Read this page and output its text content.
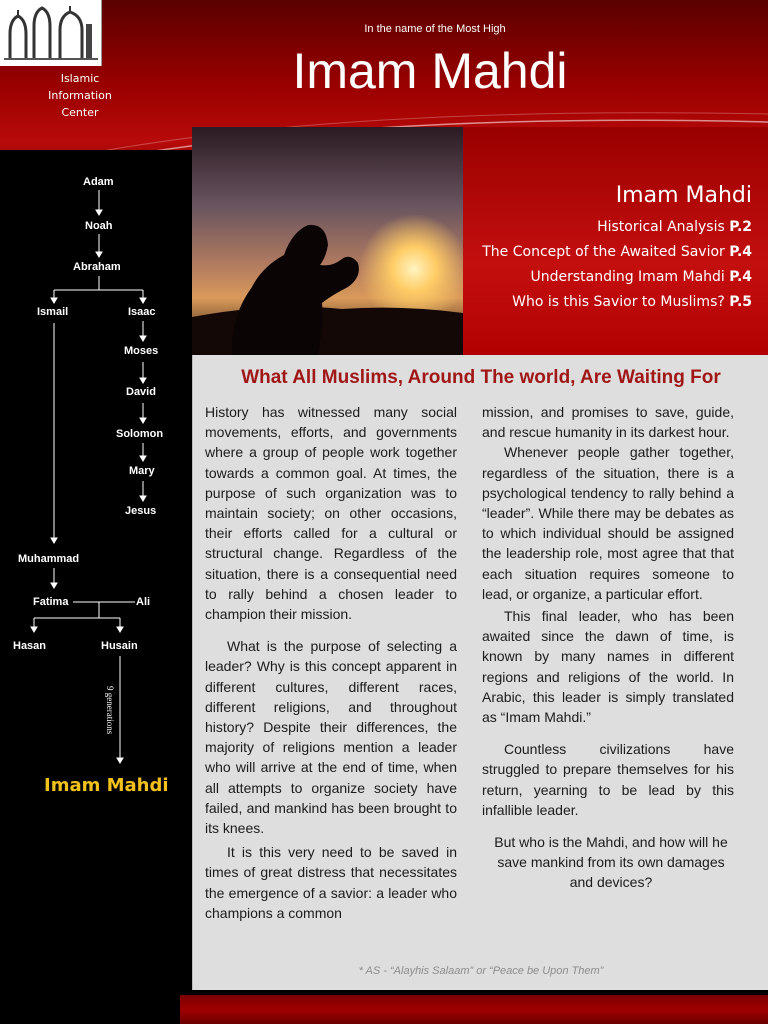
Islamic
Information
Center
In the name of the Most High
Imam Mahdi
Adam
Noah
Abraham
Ismail	Isaac
Moses
David
Solomon
Mary
Jesus
Muhammad
Fatima	Ali
Hasan	Husain
9 generations
Imam Mahdi
Imam Mahdi
Historical Analysis P.2
The Concept of the Awaited Savior P.4
Understanding Imam Mahdi P.4
Who is this Savior to Muslims? P.5
What All Muslims, Around The world, Are Waiting For

History has witnessed many social movements, efforts, and governments where a group of people work together towards a common goal. At times, the purpose of such organization was to maintain society; on other occasions, their efforts called for a cultural or structural change. Regardless of the situation, there is a consequential need to rally behind a chosen leader to champion their mission.

What is the purpose of selecting a leader? Why is this concept apparent in different cultures, different races, different religions, and throughout history? Despite their differences, the majority of religions mention a leader who will arrive at the end of time, when all attempts to organize society have failed, and mankind has been brought to its knees.

It is this very need to be saved in times of great distress that necessitates the emergence of a savior: a leader who champions a common

mission, and promises to save, guide, and rescue humanity in its darkest hour.

Whenever people gather together, regardless of the situation, there is a psychological tendency to rally behind a “leader”. While there may be debates as to which individual should be assigned the leadership role, most agree that that each situation requires someone to lead, or organize, a particular effort.

This final leader, who has been awaited since the dawn of time, is known by many names in different regions and religions of the world. In Arabic, this leader is simply translated as “Imam Mahdi.”

Countless civilizations have struggled to prepare themselves for his return, yearning to be lead by this infallible leader.

But who is the Mahdi, and how will he save mankind from its own damages and devices?

* AS - “Alayhis Salaam” or “Peace be Upon Them”
